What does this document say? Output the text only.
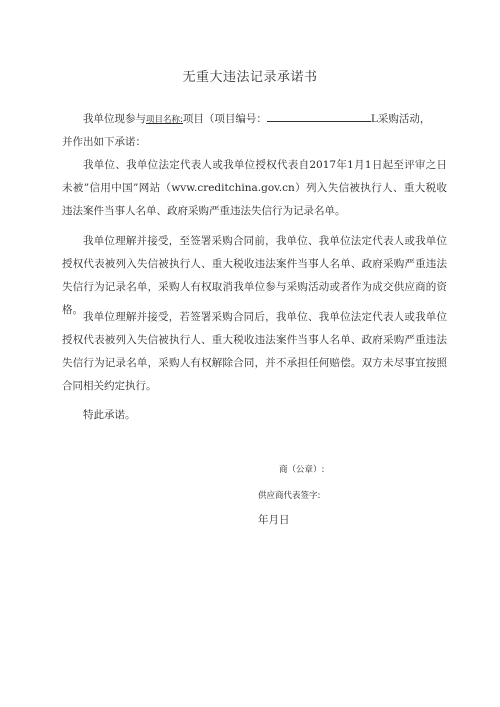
无重大违法记录承诺书
我单位现参与项目名称:项目（项目编号：	L采购活动，
并作出如下承诺：
我单位、我单位法定代表人或我单位授权代表自2017年1月1日起至评审之日未被”信用中国”网站（wvw.creditchina.gov.cn）列入失信被执行人、重大税收违法案件当事人名单、政府采购严重违法失信行为记录名单。
我单位理解并接受，至签署采购合同前，我单位、我单位法定代表人或我单位授权代表被列入失信被执行人、重大税收违法案件当事人名单、政府采购严重违法失信行为记录名单，采购人有权取消我单位参与采购活动或者作为成交供应商的资格。
我单位理解并接受，若签署采购合同后，我单位、我单位法定代表人或我单位授权代表被列入失信被执行人、重大税收违法案件当事人名单、政府采购严重违法失信行为记录名单，采购人有权解除合同，并不承担任何赔偿。双方未尽事宜按照合同相关约定执行。
特此承诺。
商（公章）:
供应商代表签字:
年月日
